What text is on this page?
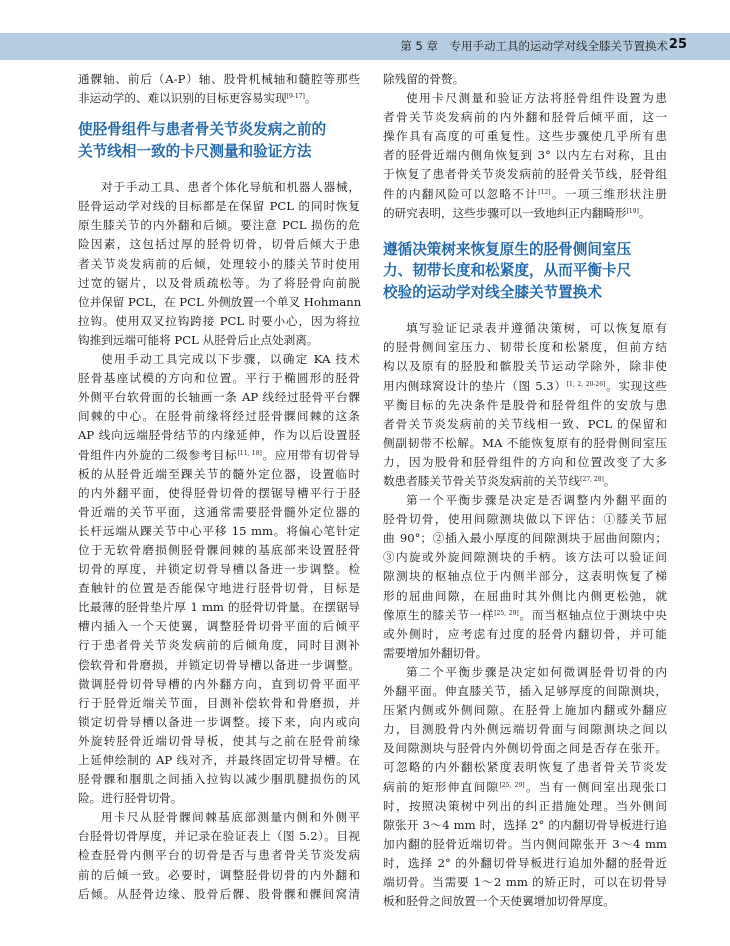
第 5 章　专用手动工具的运动学对线全膝关节置换术 25
通髁轴、前后（A-P）轴、股骨机械轴和髓腔等那些
非运动学的、难以识别的目标更容易实现[9-17]。
使胫骨组件与患者骨关节炎发病之前的
关节线相一致的卡尺测量和验证方法
对于手动工具、患者个体化导航和机器人器械，
胫骨运动学对线的目标都是在保留 PCL 的同时恢复
原生膝关节的内外翻和后倾。要注意 PCL 损伤的危
险因素，这包括过厚的胫骨切骨，切骨后倾大于患
者关节炎发病前的后倾，处理较小的膝关节时使用
过宽的锯片，以及骨质疏松等。为了将胫骨向前脱
位并保留 PCL，在 PCL 外侧放置一个单叉 Hohmann
拉钩。使用双叉拉钩跨接 PCL 时要小心，因为将拉
钩推到远端可能将 PCL 从胫骨后止点处剥离。
使用手动工具完成以下步骤，以确定 KA 技术
胫骨基座试模的方向和位置。平行于椭圆形的胫骨
外侧平台软骨面的长轴画一条 AP 线经过胫骨平台髁
间棘的中心。在胫骨前缘将经过胫骨髁间棘的这条
AP 线向远端胫骨结节的内缘延伸，作为以后设置胫
骨组件内外旋的二级参考目标[11, 18]。应用带有切骨导
板的从胫骨近端至踝关节的髓外定位器，设置临时
的内外翻平面，使得胫骨切骨的摆锯导槽平行于胫
骨近端的关节平面，这通常需要胫骨髓外定位器的
长杆远端从踝关节中心平移 15 mm。将偏心笔针定
位于无软骨磨损侧胫骨髁间棘的基底部来设置胫骨
切骨的厚度，并锁定切骨导槽以备进一步调整。检
查触针的位置是否能保守地进行胫骨切骨，目标是
比最薄的胫骨垫片厚 1 mm 的胫骨切骨量。在摆锯导
槽内插入一个天使翼，调整胫骨切骨平面的后倾平
行于患者骨关节炎发病前的后倾角度，同时目测补
偿软骨和骨磨损，并锁定切骨导槽以备进一步调整。
微调胫骨切骨导槽的内外翻方向，直到切骨平面平
行于胫骨近端关节面，目测补偿软骨和骨磨损，并
锁定切骨导槽以备进一步调整。接下来，向内或向
外旋转胫骨近端切骨导板，使其与之前在胫骨前缘
上延伸绘制的 AP 线对齐，并最终固定切骨导槽。在
胫骨髁和腘肌之间插入拉钩以减少腘肌腱损伤的风
险。进行胫骨切骨。
用卡尺从胫骨髁间棘基底部测量内侧和外侧平
台胫骨切骨厚度，并记录在验证表上（图 5.2）。目视
检查胫骨内侧平台的切骨是否与患者骨关节炎发病
前的后倾一致。必要时，调整胫骨切骨的内外翻和
后倾。从胫骨边缘、股骨后髁、股骨髁和髁间窝清
除残留的骨赘。
使用卡尺测量和验证方法将胫骨组件设置为患
者骨关节炎发病前的内外翻和胫骨后倾平面，这一
操作具有高度的可重复性。这些步骤使几乎所有患
者的胫骨近端内侧角恢复到 3° 以内左右对称，且由
于恢复了患者骨关节炎发病前的胫骨关节线，胫骨组
件的内翻风险可以忽略不计[12]。一项三维形状注册
的研究表明，这些步骤可以一致地纠正内翻畸形[19]。
遵循决策树来恢复原生的胫骨侧间室压
力、韧带长度和松紧度，从而平衡卡尺
校验的运动学对线全膝关节置换术
填写验证记录表并遵循决策树，可以恢复原有
的胫骨侧间室压力、韧带长度和松紧度，但前方结
构以及原有的胫股和髌股关节运动学除外，除非使
用内侧球窝设计的垫片（图 5.3）[1, 2, 20-26]。实现这些
平衡目标的先决条件是股骨和胫骨组件的安放与患
者骨关节炎发病前的关节线相一致、PCL 的保留和
侧副韧带不松解。MA 不能恢复原有的胫骨侧间室压
力，因为股骨和胫骨组件的方向和位置改变了大多
数患者膝关节骨关节炎发病前的关节线[27, 28]。
第一个平衡步骤是决定是否调整内外翻平面的
胫骨切骨，使用间隙测块做以下评估：①膝关节屈
曲 90°；②插入最小厚度的间隙测块于屈曲间隙内；
③内旋或外旋间隙测块的手柄。该方法可以验证间
隙测块的枢轴点位于内侧半部分，这表明恢复了梯
形的屈曲间隙，在屈曲时其外侧比内侧更松弛，就
像原生的膝关节一样[25, 29]。而当枢轴点位于测块中央
或外侧时，应考虑有过度的胫骨内翻切骨，并可能
需要增加外翻切骨。
第二个平衡步骤是决定如何微调胫骨切骨的内
外翻平面。伸直膝关节，插入足够厚度的间隙测块，
压紧内侧或外侧间隙。在胫骨上施加内翻或外翻应
力，目测股骨内外侧远端切骨面与间隙测块之间以
及间隙测块与胫骨内外侧切骨面之间是否存在张开。
可忽略的内外翻松紧度表明恢复了患者骨关节炎发
病前的矩形伸直间隙[25, 29]。当有一侧间室出现张口
时，按照决策树中列出的纠正措施处理。当外侧间
隙张开 3～4 mm 时，选择 2° 的内翻切骨导板进行追
加内翻的胫骨近端切骨。当内侧间隙张开 3～4 mm
时，选择 2° 的外翻切骨导板进行追加外翻的胫骨近
端切骨。当需要 1～2 mm 的矫正时，可以在切骨导
板和胫骨之间放置一个天使翼增加切骨厚度。
